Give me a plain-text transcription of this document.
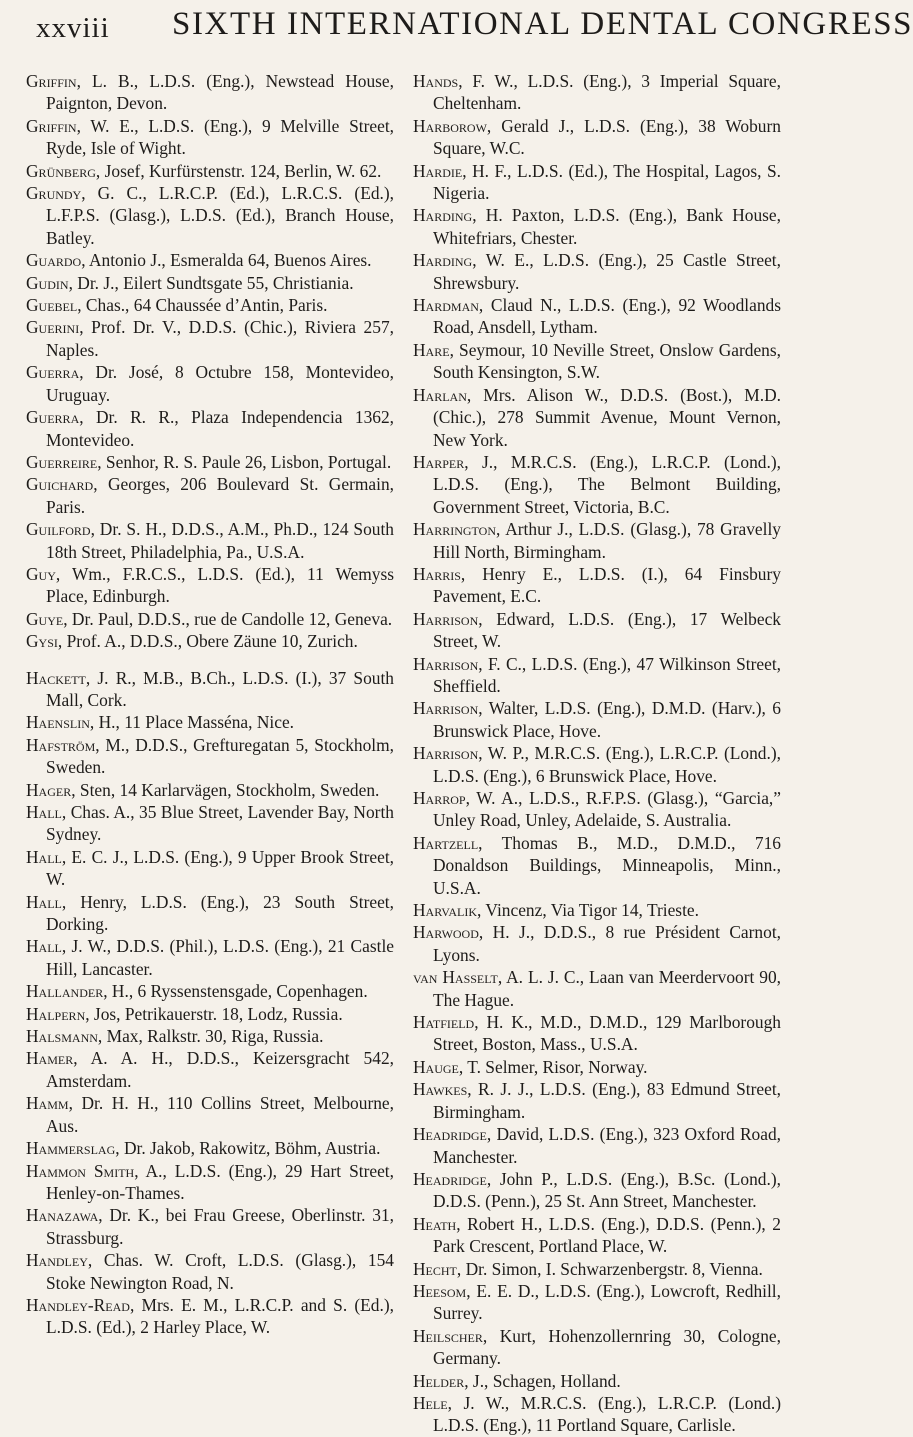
xxviii SIXTH INTERNATIONAL DENTAL CONGRESS

Griffin, L. B., L.D.S. (Eng.), Newstead House, Paignton, Devon.

Griffin, W. E., L.D.S. (Eng.), 9 Melville Street, Ryde, Isle of Wight.

Grünberg, Josef, Kurfürstenstr. 124, Berlin, W. 62.

Grundy, G. C., L.R.C.P. (Ed.), L.R.C.S. (Ed.), L.F.P.S. (Glasg.), L.D.S. (Ed.), Branch House, Batley.

Guardo, Antonio J., Esmeralda 64, Buenos Aires.

Gudin, Dr. J., Eilert Sundtsgate 55, Christiania.

Guebel, Chas., 64 Chaussée d’Antin, Paris.

Guerini, Prof. Dr. V., D.D.S. (Chic.), Riviera 257, Naples.

Guerra, Dr. José, 8 Octubre 158, Montevideo, Uruguay.

Guerra, Dr. R. R., Plaza Independencia 1362, Montevideo.

Guerreire, Senhor, R. S. Paule 26, Lisbon, Portugal.

Guichard, Georges, 206 Boulevard St. Germain, Paris.

Guilford, Dr. S. H., D.D.S., A.M., Ph.D., 124 South 18th Street, Philadelphia, Pa., U.S.A.

Guy, Wm., F.R.C.S., L.D.S. (Ed.), 11 Wemyss Place, Edinburgh.

Guye, Dr. Paul, D.D.S., rue de Candolle 12, Geneva.

Gysi, Prof. A., D.D.S., Obere Zäune 10, Zurich.

Hackett, J. R., M.B., B.Ch., L.D.S. (I.), 37 South Mall, Cork.

Haenslin, H., 11 Place Masséna, Nice.

Hafström, M., D.D.S., Grefturegatan 5, Stockholm, Sweden.

Hager, Sten, 14 Karlarvägen, Stockholm, Sweden.

Hall, Chas. A., 35 Blue Street, Lavender Bay, North Sydney.

Hall, E. C. J., L.D.S. (Eng.), 9 Upper Brook Street, W.

Hall, Henry, L.D.S. (Eng.), 23 South Street, Dorking.

Hall, J. W., D.D.S. (Phil.), L.D.S. (Eng.), 21 Castle Hill, Lancaster.

Hallander, H., 6 Ryssenstensgade, Copenhagen.

Halpern, Jos, Petrikauerstr. 18, Lodz, Russia.

Halsmann, Max, Ralkstr. 30, Riga, Russia.

Hamer, A. A. H., D.D.S., Keizersgracht 542, Amsterdam.

Hamm, Dr. H. H., 110 Collins Street, Melbourne, Aus.

Hammerslag, Dr. Jakob, Rakowitz, Böhm, Austria.

Hammon Smith, A., L.D.S. (Eng.), 29 Hart Street, Henley-on-Thames.

Hanazawa, Dr. K., bei Frau Greese, Oberlinstr. 31, Strassburg.

Handley, Chas. W. Croft, L.D.S. (Glasg.), 154 Stoke Newington Road, N.

Handley-Read, Mrs. E. M., L.R.C.P. and S. (Ed.), L.D.S. (Ed.), 2 Harley Place, W.

Hands, F. W., L.D.S. (Eng.), 3 Imperial Square, Cheltenham.

Harborow, Gerald J., L.D.S. (Eng.), 38 Woburn Square, W.C.

Hardie, H. F., L.D.S. (Ed.), The Hospital, Lagos, S. Nigeria.

Harding, H. Paxton, L.D.S. (Eng.), Bank House, Whitefriars, Chester.

Harding, W. E., L.D.S. (Eng.), 25 Castle Street, Shrewsbury.

Hardman, Claud N., L.D.S. (Eng.), 92 Woodlands Road, Ansdell, Lytham.

Hare, Seymour, 10 Neville Street, Onslow Gardens, South Kensington, S.W.

Harlan, Mrs. Alison W., D.D.S. (Bost.), M.D. (Chic.), 278 Summit Avenue, Mount Vernon, New York.

Harper, J., M.R.C.S. (Eng.), L.R.C.P. (Lond.), L.D.S. (Eng.), The Belmont Building, Government Street, Victoria, B.C.

Harrington, Arthur J., L.D.S. (Glasg.), 78 Gravelly Hill North, Birmingham.

Harris, Henry E., L.D.S. (I.), 64 Finsbury Pavement, E.C.

Harrison, Edward, L.D.S. (Eng.), 17 Welbeck Street, W.

Harrison, F. C., L.D.S. (Eng.), 47 Wilkinson Street, Sheffield.

Harrison, Walter, L.D.S. (Eng.), D.M.D. (Harv.), 6 Brunswick Place, Hove.

Harrison, W. P., M.R.C.S. (Eng.), L.R.C.P. (Lond.), L.D.S. (Eng.), 6 Brunswick Place, Hove.

Harrop, W. A., L.D.S., R.F.P.S. (Glasg.), “Garcia,” Unley Road, Unley, Adelaide, S. Australia.

Hartzell, Thomas B., M.D., D.M.D., 716 Donaldson Buildings, Minneapolis, Minn., U.S.A.

Harvalik, Vincenz, Via Tigor 14, Trieste.

Harwood, H. J., D.D.S., 8 rue Président Carnot, Lyons.

van Hasselt, A. L. J. C., Laan van Meerdervoort 90, The Hague.

Hatfield, H. K., M.D., D.M.D., 129 Marlborough Street, Boston, Mass., U.S.A.

Hauge, T. Selmer, Risor, Norway.

Hawkes, R. J. J., L.D.S. (Eng.), 83 Edmund Street, Birmingham.

Headridge, David, L.D.S. (Eng.), 323 Oxford Road, Manchester.

Headridge, John P., L.D.S. (Eng.), B.Sc. (Lond.), D.D.S. (Penn.), 25 St. Ann Street, Manchester.

Heath, Robert H., L.D.S. (Eng.), D.D.S. (Penn.), 2 Park Crescent, Portland Place, W.

Hecht, Dr. Simon, I. Schwarzenbergstr. 8, Vienna.

Heesom, E. E. D., L.D.S. (Eng.), Lowcroft, Redhill, Surrey.

Heilscher, Kurt, Hohenzollernring 30, Cologne, Germany.

Helder, J., Schagen, Holland.

Hele, J. W., M.R.C.S. (Eng.), L.R.C.P. (Lond.) L.D.S. (Eng.), 11 Portland Square, Carlisle.
